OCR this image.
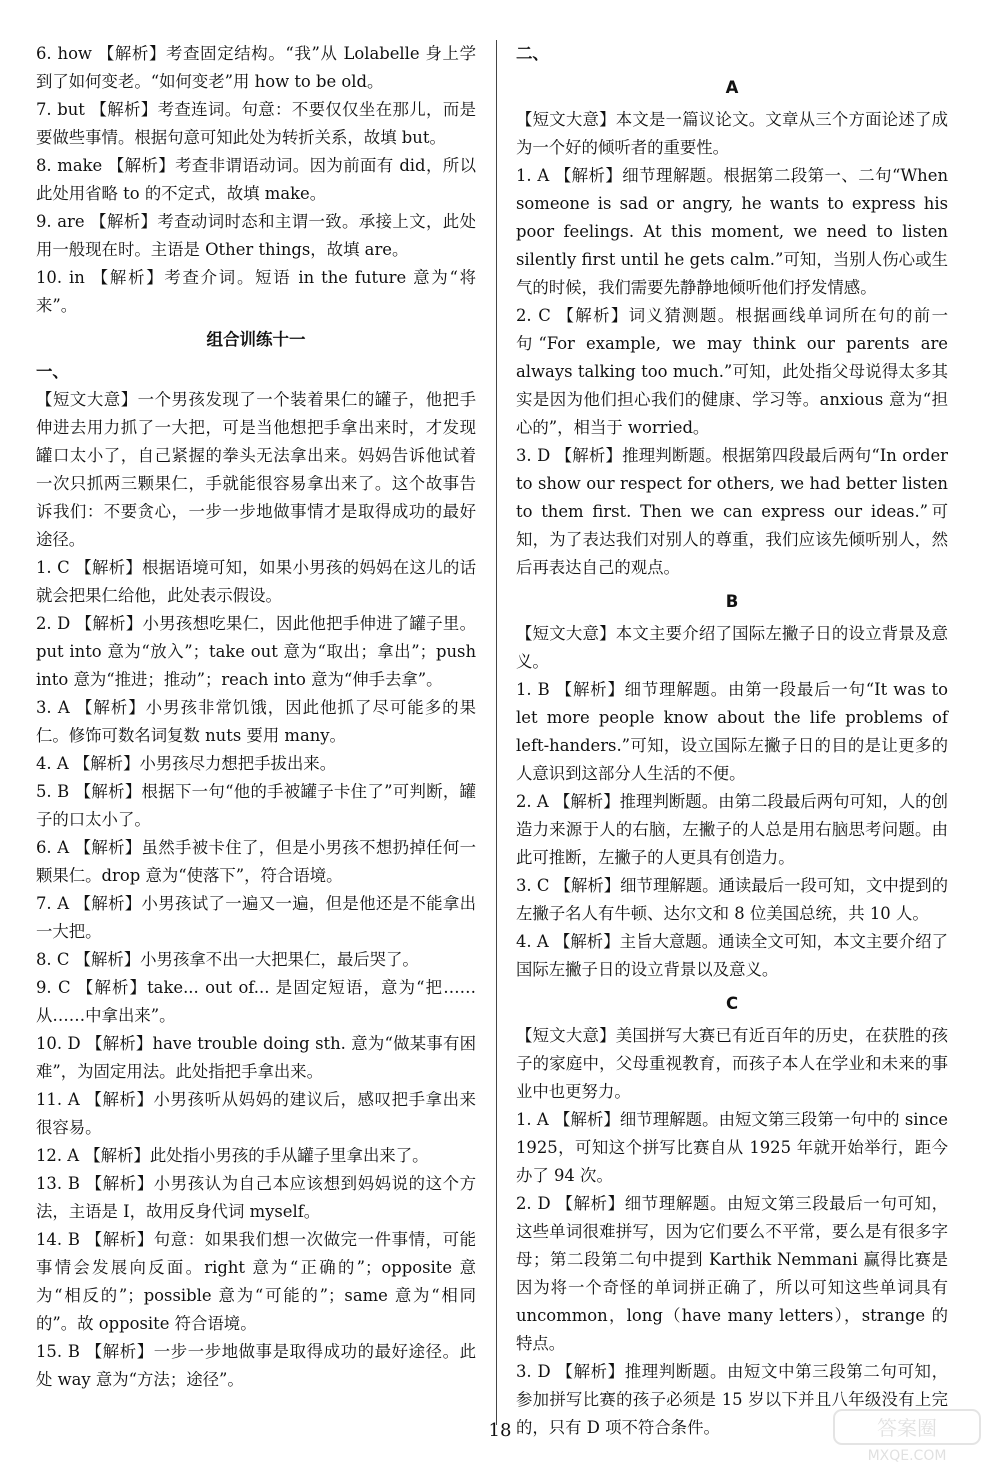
6. how 【解析】考查固定结构。“我”从 Lolabelle 身上学到了如何变老。“如何变老”用 how to be old。
7. but 【解析】考查连词。句意：不要仅仅坐在那儿，而是要做些事情。根据句意可知此处为转折关系，故填 but。
8. make 【解析】考查非谓语动词。因为前面有 did，所以此处用省略 to 的不定式，故填 make。
9. are 【解析】考查动词时态和主谓一致。承接上文，此处用一般现在时。主语是 Other things，故填 are。
10. in 【解析】考查介词。短语 in the future 意为“将来”。
组合训练十一
一、
【短文大意】一个男孩发现了一个装着果仁的罐子，他把手伸进去用力抓了一大把，可是当他想把手拿出来时，才发现罐口太小了，自己紧握的拳头无法拿出来。妈妈告诉他试着一次只抓两三颗果仁，手就能很容易拿出来了。这个故事告诉我们：不要贪心，一步一步地做事情才是取得成功的最好途径。
1. C 【解析】根据语境可知，如果小男孩的妈妈在这儿的话就会把果仁给他，此处表示假设。
2. D 【解析】小男孩想吃果仁，因此他把手伸进了罐子里。put into 意为“放入”；take out 意为“取出；拿出”；push into 意为“推进；推动”；reach into 意为“伸手去拿”。
3. A 【解析】小男孩非常饥饿，因此他抓了尽可能多的果仁。修饰可数名词复数 nuts 要用 many。
4. A 【解析】小男孩尽力想把手拔出来。
5. B 【解析】根据下一句“他的手被罐子卡住了”可判断，罐子的口太小了。
6. A 【解析】虽然手被卡住了，但是小男孩不想扔掉任何一颗果仁。drop 意为“使落下”，符合语境。
7. A 【解析】小男孩试了一遍又一遍，但是他还是不能拿出一大把。
8. C 【解析】小男孩拿不出一大把果仁，最后哭了。
9. C 【解析】take... out of... 是固定短语，意为“把……从……中拿出来”。
10. D 【解析】have trouble doing sth. 意为“做某事有困难”，为固定用法。此处指把手拿出来。
11. A 【解析】小男孩听从妈妈的建议后，感叹把手拿出来很容易。
12. A 【解析】此处指小男孩的手从罐子里拿出来了。
13. B 【解析】小男孩认为自己本应该想到妈妈说的这个方法，主语是 I，故用反身代词 myself。
14. B 【解析】句意：如果我们想一次做完一件事情，可能事情会发展向反面。right 意为“正确的”；opposite 意为“相反的”；possible 意为“可能的”；same 意为“相同的”。故 opposite 符合语境。
15. B 【解析】一步一步地做事是取得成功的最好途径。此处 way 意为“方法；途径”。
二、
A
【短文大意】本文是一篇议论文。文章从三个方面论述了成为一个好的倾听者的重要性。
1. A 【解析】细节理解题。根据第二段第一、二句“When someone is sad or angry, he wants to express his poor feelings. At this moment, we need to listen silently first until he gets calm.”可知，当别人伤心或生气的时候，我们需要先静静地倾听他们抒发情感。
2. C 【解析】词义猜测题。根据画线单词所在句的前一句“For example, we may think our parents are always talking too much.”可知，此处指父母说得太多其实是因为他们担心我们的健康、学习等。anxious 意为“担心的”，相当于 worried。
3. D 【解析】推理判断题。根据第四段最后两句“In order to show our respect for others, we had better listen to them first. Then we can express our ideas.”可知，为了表达我们对别人的尊重，我们应该先倾听别人，然后再表达自己的观点。
B
【短文大意】本文主要介绍了国际左撇子日的设立背景及意义。
1. B 【解析】细节理解题。由第一段最后一句“It was to let more people know about the life problems of left-handers.”可知，设立国际左撇子日的目的是让更多的人意识到这部分人生活的不便。
2. A 【解析】推理判断题。由第二段最后两句可知，人的创造力来源于人的右脑，左撇子的人总是用右脑思考问题。由此可推断，左撇子的人更具有创造力。
3. C 【解析】细节理解题。通读最后一段可知，文中提到的左撇子名人有牛顿、达尔文和 8 位美国总统，共 10 人。
4. A 【解析】主旨大意题。通读全文可知，本文主要介绍了国际左撇子日的设立背景以及意义。
C
【短文大意】美国拼写大赛已有近百年的历史，在获胜的孩子的家庭中，父母重视教育，而孩子本人在学业和未来的事业中也更努力。
1. A 【解析】细节理解题。由短文第三段第一句中的 since 1925，可知这个拼写比赛自从 1925 年就开始举行，距今办了 94 次。
2. D 【解析】细节理解题。由短文第三段最后一句可知，这些单词很难拼写，因为它们要么不平常，要么是有很多字母；第二段第二句中提到 Karthik Nemmani 赢得比赛是因为将一个奇怪的单词拼正确了，所以可知这些单词具有 uncommon，long（have many letters），strange 的特点。
3. D 【解析】推理判断题。由短文中第三段第二句可知，参加拼写比赛的孩子必须是 15 岁以下并且八年级没有上完的，只有 D 项不符合条件。
18	答案圈
MXQE.COM
